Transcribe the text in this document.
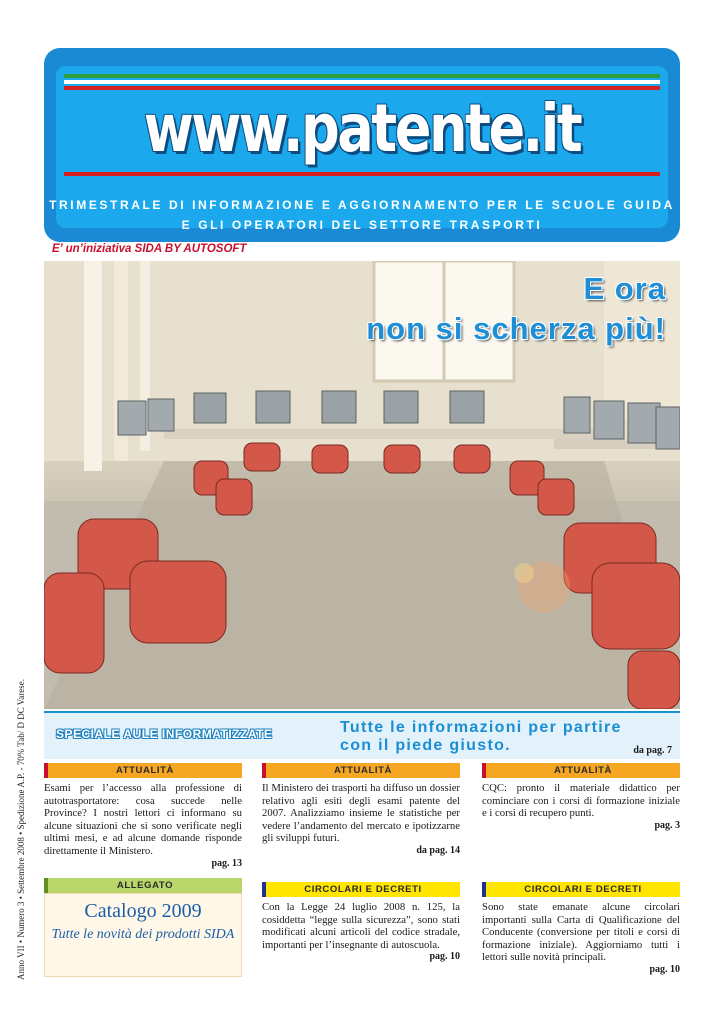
www.patente.it
TRIMESTRALE DI INFORMAZIONE E AGGIORNAMENTO PER LE SCUOLE GUIDA
E GLI OPERATORI DEL SETTORE TRASPORTI
E’ un’iniziativa SIDA BY AUTOSOFT
Anno VII • Numero 3 • Settembre 2008 • Spedizione A.P. - 70% Tab/ D DC Varese.
E ora
non si scherza più!
SPECIALE AULE INFORMATIZZATE	Tutte le informazioni per partire
con il piede giusto.	da pag. 7
ATTUALITÀ
Esami per l’accesso alla professione di autotrasportatore: cosa succede nelle Province? I nostri lettori ci informano su alcune situazioni che si sono verificate negli ultimi mesi, e ad alcune domande risponde direttamente il Ministero.
pag. 13
ATTUALITÀ
Il Ministero dei trasporti ha diffuso un dossier relativo agli esiti degli esami patente del 2007. Analizziamo insieme le statistiche per vedere l’andamento del mercato e ipotizzarne gli sviluppi futuri.
da pag. 14
ATTUALITÀ
CQC: pronto il materiale didattico per cominciare con i corsi di formazione iniziale e i corsi di recupero punti.
pag. 3
ALLEGATO
Catalogo 2009
Tutte le novità dei prodotti SIDA
CIRCOLARI E DECRETI
Con la Legge 24 luglio 2008 n. 125, la cosiddetta “legge sulla sicurezza”, sono stati modificati alcuni articoli del codice stradale, importanti per l’insegnante di autoscuola.
pag. 10
CIRCOLARI E DECRETI
Sono state emanate alcune circolari importanti sulla Carta di Qualificazione del Conducente (conversione per titoli e corsi di formazione iniziale). Aggiorniamo tutti i lettori sulle novità principali.
pag. 10
